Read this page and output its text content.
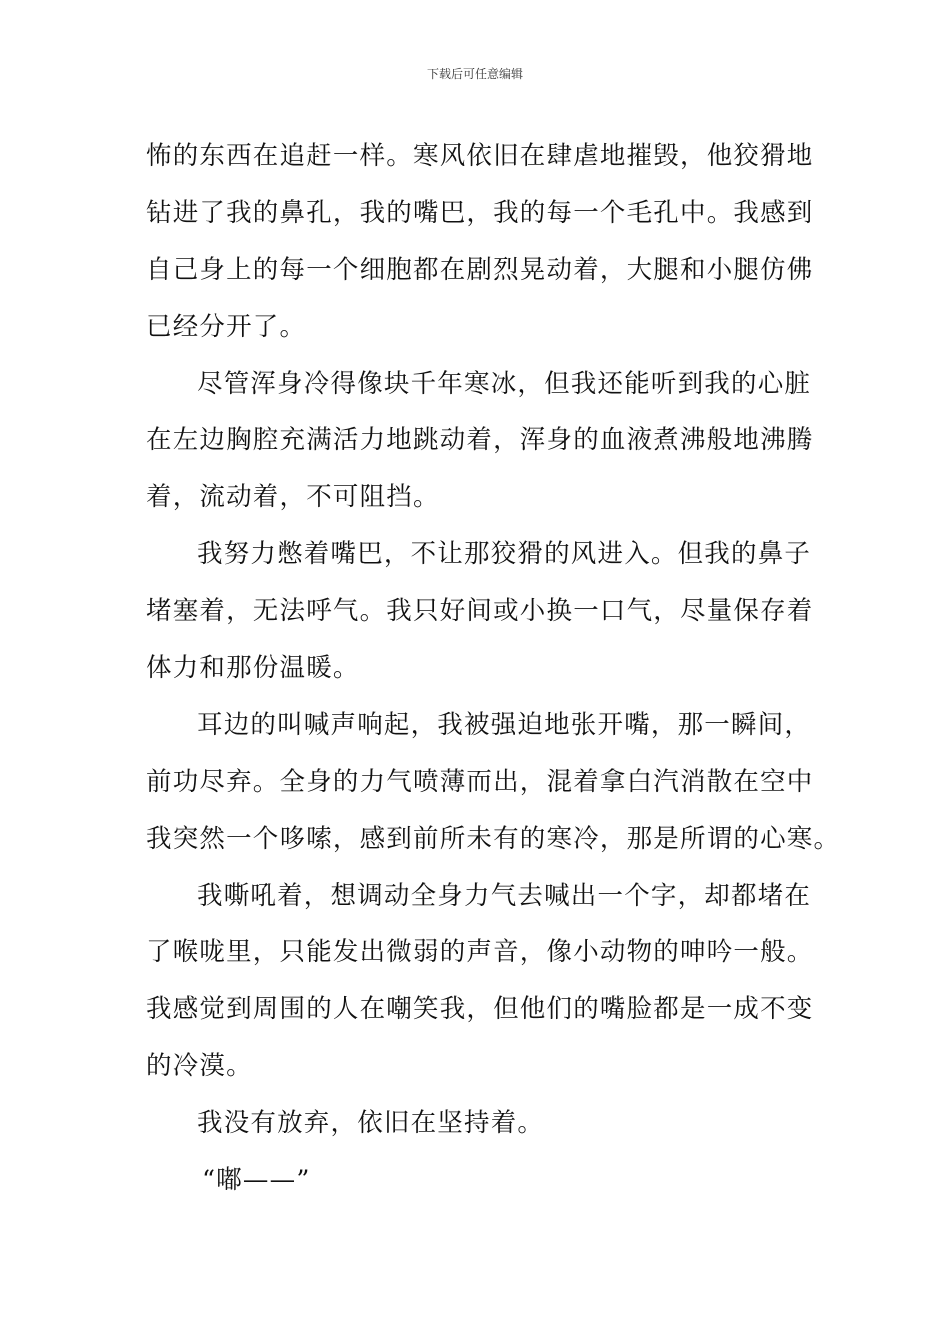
下载后可任意编辑
怖的东西在追赶一样。寒风依旧在肆虐地摧毁，他狡猾地
钻进了我的鼻孔，我的嘴巴，我的每一个毛孔中。我感到
自己身上的每一个细胞都在剧烈晃动着，大腿和小腿仿佛
已经分开了。
尽管浑身冷得像块千年寒冰，但我还能听到我的心脏
在左边胸腔充满活力地跳动着，浑身的血液煮沸般地沸腾
着，流动着，不可阻挡。
我努力憋着嘴巴，不让那狡猾的风进入。但我的鼻子
堵塞着，无法呼气。我只好间或小换一口气，尽量保存着
体力和那份温暖。
耳边的叫喊声响起，我被强迫地张开嘴，那一瞬间，
前功尽弃。全身的力气喷薄而出，混着拿白汽消散在空中
我突然一个哆嗦，感到前所未有的寒冷，那是所谓的心寒。
我嘶吼着，想调动全身力气去喊出一个字，却都堵在
了喉咙里，只能发出微弱的声音，像小动物的呻吟一般。
我感觉到周围的人在嘲笑我，但他们的嘴脸都是一成不变
的冷漠。
我没有放弃，依旧在坚持着。
“嘟——”
